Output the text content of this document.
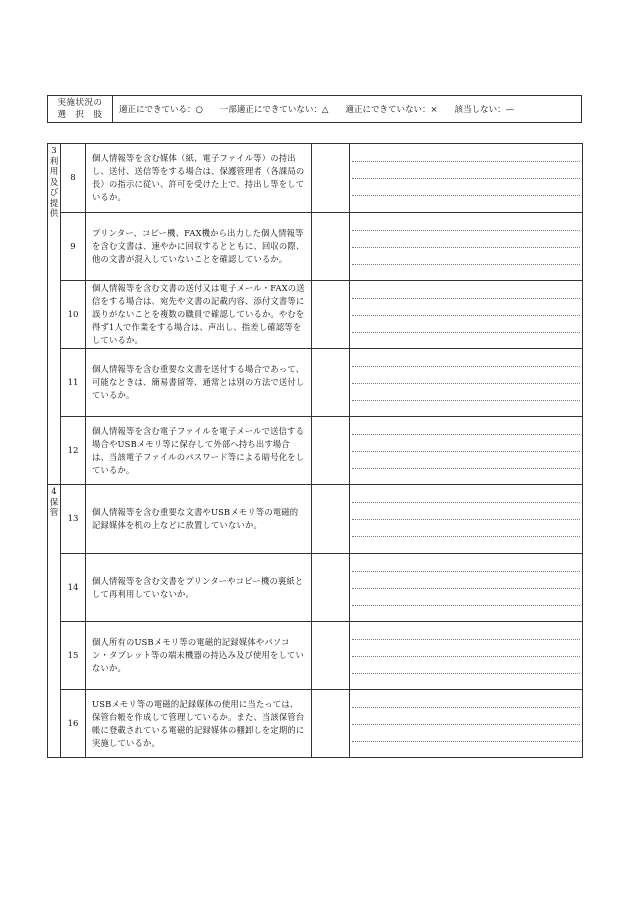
実施状況の
選　択　肢	適正にできている：○　　一部適正にできていない：△　　適正にできていない：×　　該当しない：—
3
利用及び提供
8
個人情報等を含む媒体（紙、電子ファイル等）の持出し、送付、送信等をする場合は、保護管理者（各課局の長）の指示に従い、許可を受けた上で、持出し等をしているか。
9
プリンター、コピー機、FAX機から出力した個人情報等を含む文書は、速やかに回収するとともに、回収の際、他の文書が混入していないことを確認しているか。
10
個人情報等を含む文書の送付又は電子メール・FAXの送信をする場合は、宛先や文書の記載内容、添付文書等に誤りがないことを複数の職員で確認しているか。やむを得ず1人で作業をする場合は、声出し、指差し確認等をしているか。
11
個人情報等を含む重要な文書を送付する場合であって、可能なときは、簡易書留等、通常とは別の方法で送付しているか。
12
個人情報等を含む電子ファイルを電子メールで送信する場合やUSBメモリ等に保存して外部へ持ち出す場合は、当該電子ファイルのパスワード等による暗号化をしているか。
4
保管
13
個人情報等を含む重要な文書やUSBメモリ等の電磁的記録媒体を机の上などに放置していないか。
14
個人情報等を含む文書をプリンターやコピー機の裏紙として再利用していないか。
15
個人所有のUSBメモリ等の電磁的記録媒体やパソコン・タブレット等の端末機器の持込み及び使用をしていないか。
16
USBメモリ等の電磁的記録媒体の使用に当たっては、保管台帳を作成して管理しているか。また、当該保管台帳に登載されている電磁的記録媒体の棚卸しを定期的に実施しているか。
